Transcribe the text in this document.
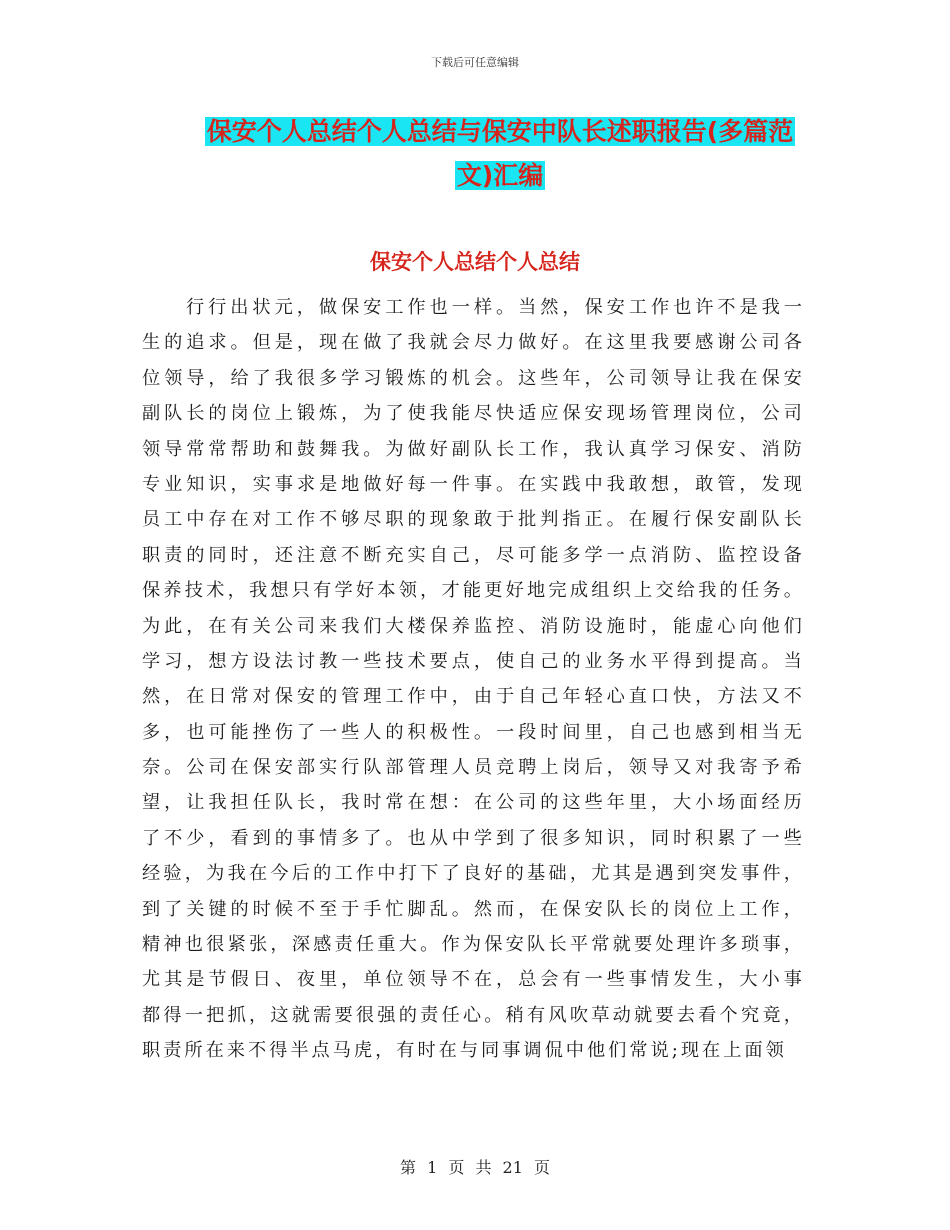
下载后可任意编辑
保安个人总结个人总结与保安中队长述职报告(多篇范
文)汇编
保安个人总结个人总结
行 行 出 状 元 ， 做 保 安 工 作 也 一 样 。 当 然 ， 保 安 工 作 也 许 不 是 我 一
生 的 追 求 。 但 是 ， 现 在 做 了 我 就 会 尽 力 做 好 。 在 这 里 我 要 感 谢 公 司 各
位 领 导 ， 给 了 我 很 多 学 习 锻 炼 的 机 会 。 这 些 年 ， 公 司 领 导 让 我 在 保 安
副 队 长 的 岗 位 上 锻 炼 ， 为 了 使 我 能 尽 快 适 应 保 安 现 场 管 理 岗 位 ， 公 司
领 导 常 常 帮 助 和 鼓 舞 我 。 为 做 好 副 队 长 工 作 ， 我 认 真 学 习 保 安 、 消 防
专 业 知 识 ， 实 事 求 是 地 做 好 每 一 件 事 。 在 实 践 中 我 敢 想 ， 敢 管 ， 发 现
员 工 中 存 在 对 工 作 不 够 尽 职 的 现 象 敢 于 批 判 指 正 。 在 履 行 保 安 副 队 长
职 责 的 同 时 ， 还 注 意 不 断 充 实 自 己 ， 尽 可 能 多 学 一 点 消 防 、 监 控 设 备
保 养 技 术 ， 我 想 只 有 学 好 本 领 ， 才 能 更 好 地 完 成 组 织 上 交 给 我 的 任 务 。
为 此 ， 在 有 关 公 司 来 我 们 大 楼 保 养 监 控 、 消 防 设 施 时 ， 能 虚 心 向 他 们
学 习 ， 想 方 设 法 讨 教 一 些 技 术 要 点 ， 使 自 己 的 业 务 水 平 得 到 提 高 。 当
然 ， 在 日 常 对 保 安 的 管 理 工 作 中 ， 由 于 自 己 年 轻 心 直 口 快 ， 方 法 又 不
多 ， 也 可 能 挫 伤 了 一 些 人 的 积 极 性 。 一 段 时 间 里 ， 自 己 也 感 到 相 当 无
奈 。 公 司 在 保 安 部 实 行 队 部 管 理 人 员 竞 聘 上 岗 后 ， 领 导 又 对 我 寄 予 希
望 ， 让 我 担 任 队 长 ， 我 时 常 在 想 ： 在 公 司 的 这 些 年 里 ， 大 小 场 面 经 历
了 不 少 ， 看 到 的 事 情 多 了 。 也 从 中 学 到 了 很 多 知 识 ， 同 时 积 累 了 一 些
经 验 ， 为 我 在 今 后 的 工 作 中 打 下 了 良 好 的 基 础 ， 尤 其 是 遇 到 突 发 事 件 ，
到 了 关 键 的 时 候 不 至 于 手 忙 脚 乱 。 然 而 ， 在 保 安 队 长 的 岗 位 上 工 作 ，
精 神 也 很 紧 张 ， 深 感 责 任 重 大 。 作 为 保 安 队 长 平 常 就 要 处 理 许 多 琐 事 ，
尤 其 是 节 假 日 、 夜 里 ， 单 位 领 导 不 在 ， 总 会 有 一 些 事 情 发 生 ， 大 小 事
都 得 一 把 抓 ， 这 就 需 要 很 强 的 责 任 心 。 稍 有 风 吹 草 动 就 要 去 看 个 究 竟 ，
职责所在来不得半点马虎，有时在与同事调侃中他们常说;现在上面领
第 1 页 共 21 页
